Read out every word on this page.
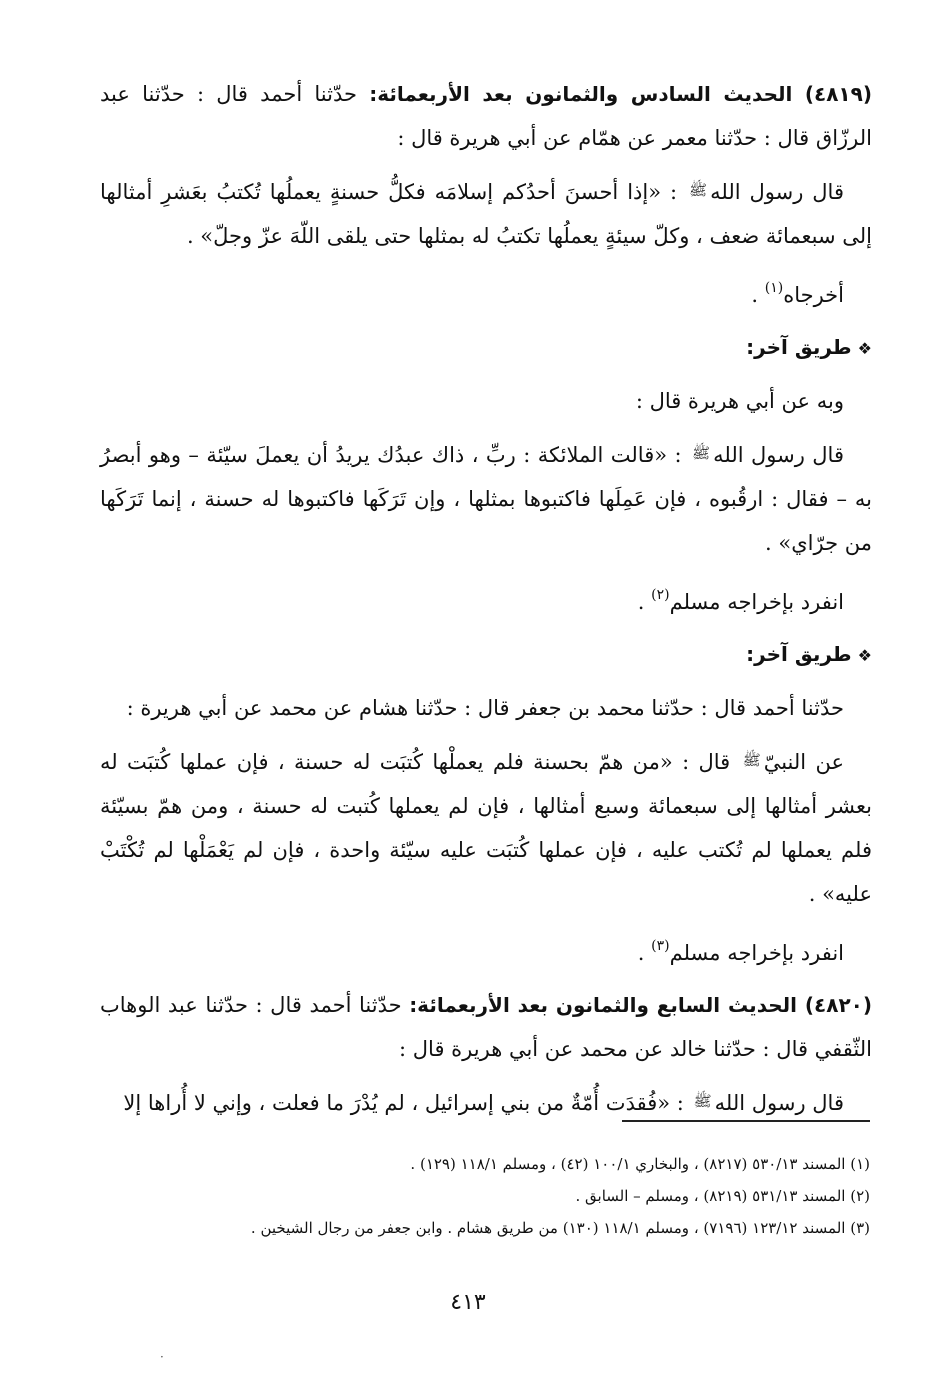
(٤٨١٩) الحديث السادس والثمانون بعد الأربعمائة: حدّثنا أحمد قال : حدّثنا عبد الرزّاق قال : حدّثنا معمر عن همّام عن أبي هريرة قال :

قال رسول اللهﷺ : «إذا أحسنَ أحدُكم إسلامَه فكلُّ حسنةٍ يعملُها تُكتبُ بعَشرِ أمثالها إلى سبعمائة ضعف ، وكلّ سيئةٍ يعملُها تكتبُ له بمثلها حتى يلقى اللّهَ عزّ وجلّ» .

أخرجاه$^{(١)}$ .

❖طريق آخر:

وبه عن أبي هريرة قال :

قال رسول اللهﷺ : «قالت الملائكة : ربِّ ، ذاك عبدُك يريدُ أن يعملَ سيّئة – وهو أبصرُ به – فقال : ارقُبوه ، فإن عَمِلَها فاكتبوها بمثلها ، وإن تَرَكَها فاكتبوها له حسنة ، إنما تَرَكَها من جرّاي» .

انفرد بإخراجه مسلم$^{(٢)}$ .

❖طريق آخر:

حدّثنا أحمد قال : حدّثنا محمد بن جعفر قال : حدّثنا هشام عن محمد عن أبي هريرة :

عن النبيّﷺ قال : «من همّ بحسنة فلم يعملْها كُتبَت له حسنة ، فإن عملها كُتبَت له بعشر أمثالها إلى سبعمائة وسبع أمثالها ، فإن لم يعملها كُتبت له حسنة ، ومن همّ بسيّئة فلم يعملها لم تُكتب عليه ، فإن عملها كُتبَت عليه سيّئة واحدة ، فإن لم يَعْمَلْها لم تُكْتَبْ عليه» .

انفرد بإخراجه مسلم$^{(٣)}$ .

(٤٨٢٠) الحديث السابع والثمانون بعد الأربعمائة: حدّثنا أحمد قال : حدّثنا عبد الوهاب الثّقفي قال : حدّثنا خالد عن محمد عن أبي هريرة قال :

قال رسول اللهﷺ : «فُقدَت أُمّةٌ من بني إسرائيل ، لم يُدْرَ ما فعلت ، وإني لا أُراها إلا

(١) المسند ٥٣٠/١٣ (٨٢١٧) ، والبخاري ١٠٠/١ (٤٢) ، ومسلم ١١٨/١ (١٢٩) .
(٢) المسند ٥٣١/١٣ (٨٢١٩) ، ومسلم – السابق .
(٣) المسند ١٢٣/١٢ (٧١٩٦) ، ومسلم ١١٨/١ (١٣٠) من طريق هشام . وابن جعفر من رجال الشيخين .
٤١٣
·
